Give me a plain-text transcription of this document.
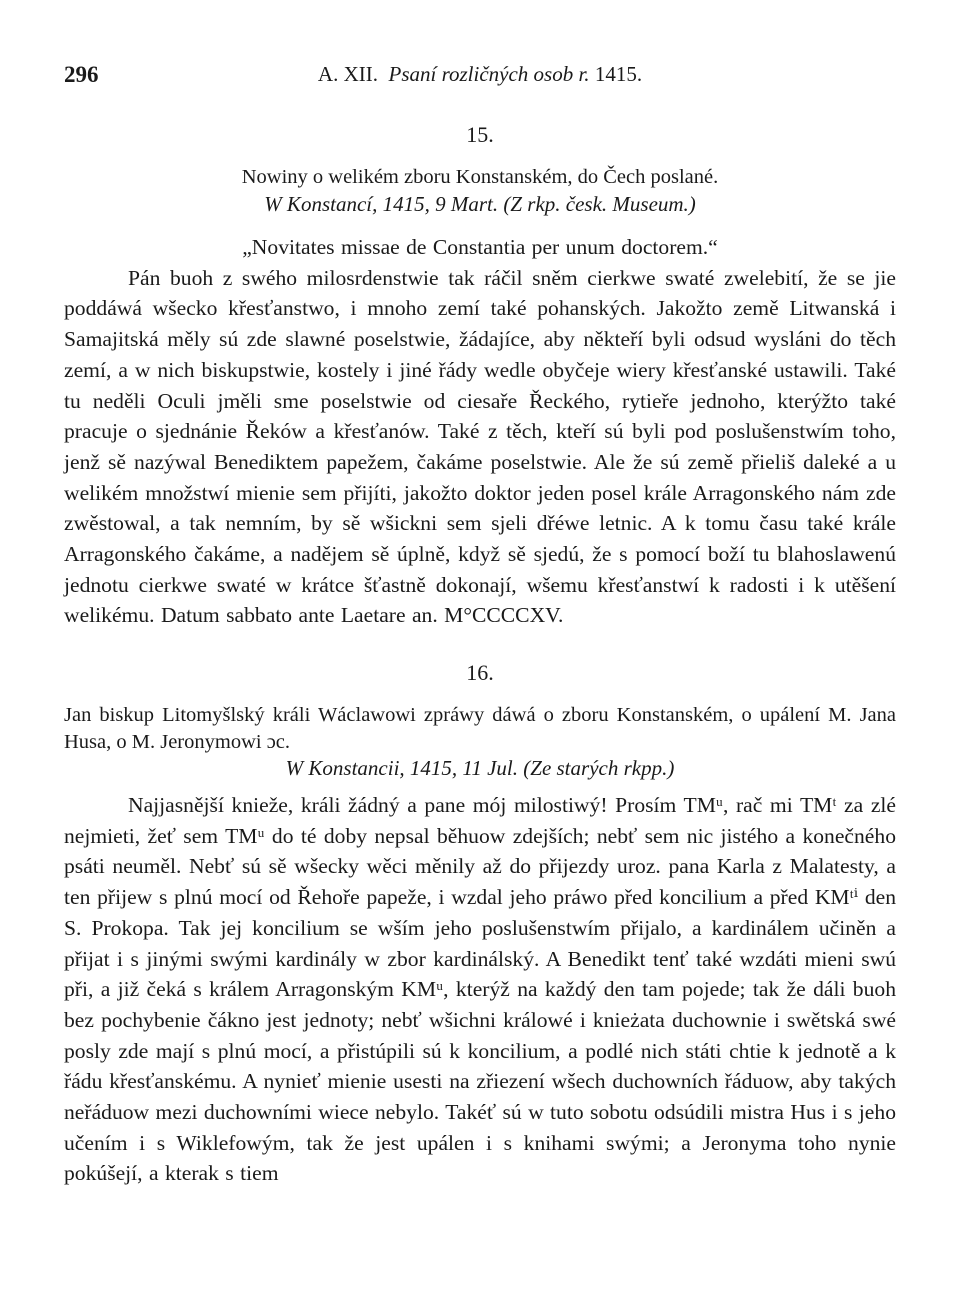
296	A. XII. Psaní rozličných osob r. 1415.
15.
Nowiny o welikém zboru Konstanském, do Čech poslané.
W Konstancí, 1415, 9 Mart. (Z rkp. česk. Museum.)

„Novitates missae de Constantia per unum doctorem.“

Pán buoh z swého milosrdenstwie tak ráčil sněm cierkwe swaté zwelebití, že se jie poddáwá wšecko křesťanstwo, i mnoho zemí také pohanských. Jakožto země Litwanská i Samajitská měly sú zde slawné poselstwie, žádajíce, aby někteří byli odsud wysláni do těch zemí, a w nich biskupstwie, kostely i jiné řády wedle obyčeje wiery křesťanské ustawili. Také tu neděli Oculi jměli sme poselstwie od ciesaře Řeckého, rytieře jednoho, kterýžto také pracuje o sjednánie Řeków a křesťanów. Také z těch, kteří sú byli pod poslušenstwím toho, jenž sě nazýwal Benediktem papežem, čakáme poselstwie. Ale že sú země přieliš daleké a u welikém množstwí mienie sem přijíti, jakožto doktor jeden posel krále Arragonského nám zde zwěstowal, a tak nemním, by sě wšickni sem sjeli dřéwe letnic. A k tomu času také krále Arragonského čakáme, a nadějem sě úplně, když sě sjedú, že s pomocí boží tu blahoslawenú jednotu cierkwe swaté w krátce šťastně dokonají, wšemu křesťanstwí k radosti i k utěšení welikému. Datum sabbato ante Laetare an. M°CCCCXV.

16.
Jan biskup Litomyšlský králi Wáclawowi zpráwy dáwá o zboru Konstanském, o upálení M. Jana Husa, o M. Jeronymowi ɔc.
W Konstancii, 1415, 11 Jul. (Ze starých rkpp.)

Najjasnější knieže, králi žádný a pane mój milostiwý! Prosím TMᵘ, rač mi TMᵗ za zlé nejmieti, žeť sem TMᵘ do té doby nepsal běhuow zdejších; nebť sem nic jistého a konečného psáti neuměl. Nebť sú sě wšecky wěci měnily až do přijezdy uroz. pana Karla z Malatesty, a ten přijew s plnú mocí od Řehoře papeže, i wzdal jeho práwo před koncilium a před KMᵗⁱ den S. Prokopa. Tak jej koncilium se wším jeho poslušenstwím přijalo, a kardinálem učiněn a přijat i s jinými swými kardinály w zbor kardinálský. A Benedikt tenť také wzdáti mieni swú při, a již čeká s králem Arragonským KMᵘ, kterýž na každý den tam pojede; tak že dáli buoh bez pochybenie čákno jest jednoty; nebť wšichni králowé i knieżata duchownie i swětská swé posly zde mají s plnú mocí, a přistúpili sú k koncilium, a podlé nich státi chtie k jednotě a k řádu křesťanskému. A nynieť mienie usesti na zřiezení wšech duchowních řáduow, aby takých neřáduow mezi duchowními wiece nebylo. Takéť sú w tuto sobotu odsúdili mistra Hus i s jeho učením i s Wiklefowým, tak že jest upálen i s knihami swými; a Jeronyma toho nynie pokúšejí, a kterak s tiem
